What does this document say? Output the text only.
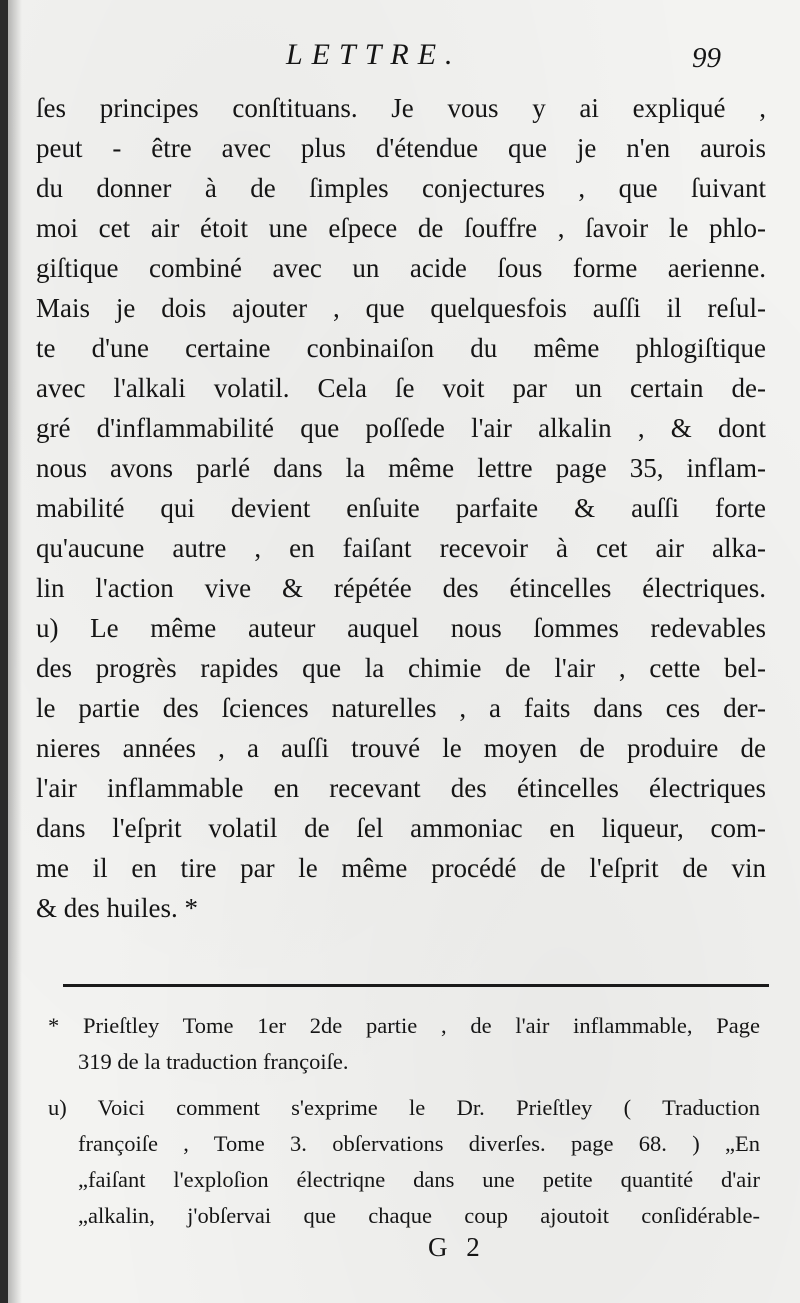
LETTRE.	99
ſes principes conſtituans. Je vous y ai expliqué ,
peut - être avec plus d'étendue que je n'en aurois
du donner à de ſimples conjectures , que ſuivant
moi cet air étoit une eſpece de ſouffre , ſavoir le phlo-
giſtique combiné avec un acide ſous forme aerienne.
Mais je dois ajouter , que quelquesfois auſſi il reſul-
te d'une certaine conbinaiſon du même phlogiſtique
avec l'alkali volatil. Cela ſe voit par un certain de-
gré d'inflammabilité que poſſede l'air alkalin , & dont
nous avons parlé dans la même lettre page 35, inflam-
mabilité qui devient enſuite parfaite & auſſi forte
qu'aucune autre , en faiſant recevoir à cet air alka-
lin l'action vive & répétée des étincelles électriques.
u) Le même auteur auquel nous ſommes redevables
des progrès rapides que la chimie de l'air , cette bel-
le partie des ſciences naturelles , a faits dans ces der-
nieres années , a auſſi trouvé le moyen de produire de
l'air inflammable en recevant des étincelles électriques
dans l'eſprit volatil de ſel ammoniac en liqueur, com-
me il en tire par le même procédé de l'eſprit de vin
& des huiles. *
* Prieſtley Tome 1er 2de partie , de l'air inflammable, Page
319 de la traduction françoiſe.
u) Voici comment s'exprime le Dr. Prieſtley ( Traduction
françoiſe , Tome 3. obſervations diverſes. page 68. ) „En
„faiſant l'exploſion électriqne dans une petite quantité d'air
„alkalin, j'obſervai que chaque coup ajoutoit conſidérable-
G 2
